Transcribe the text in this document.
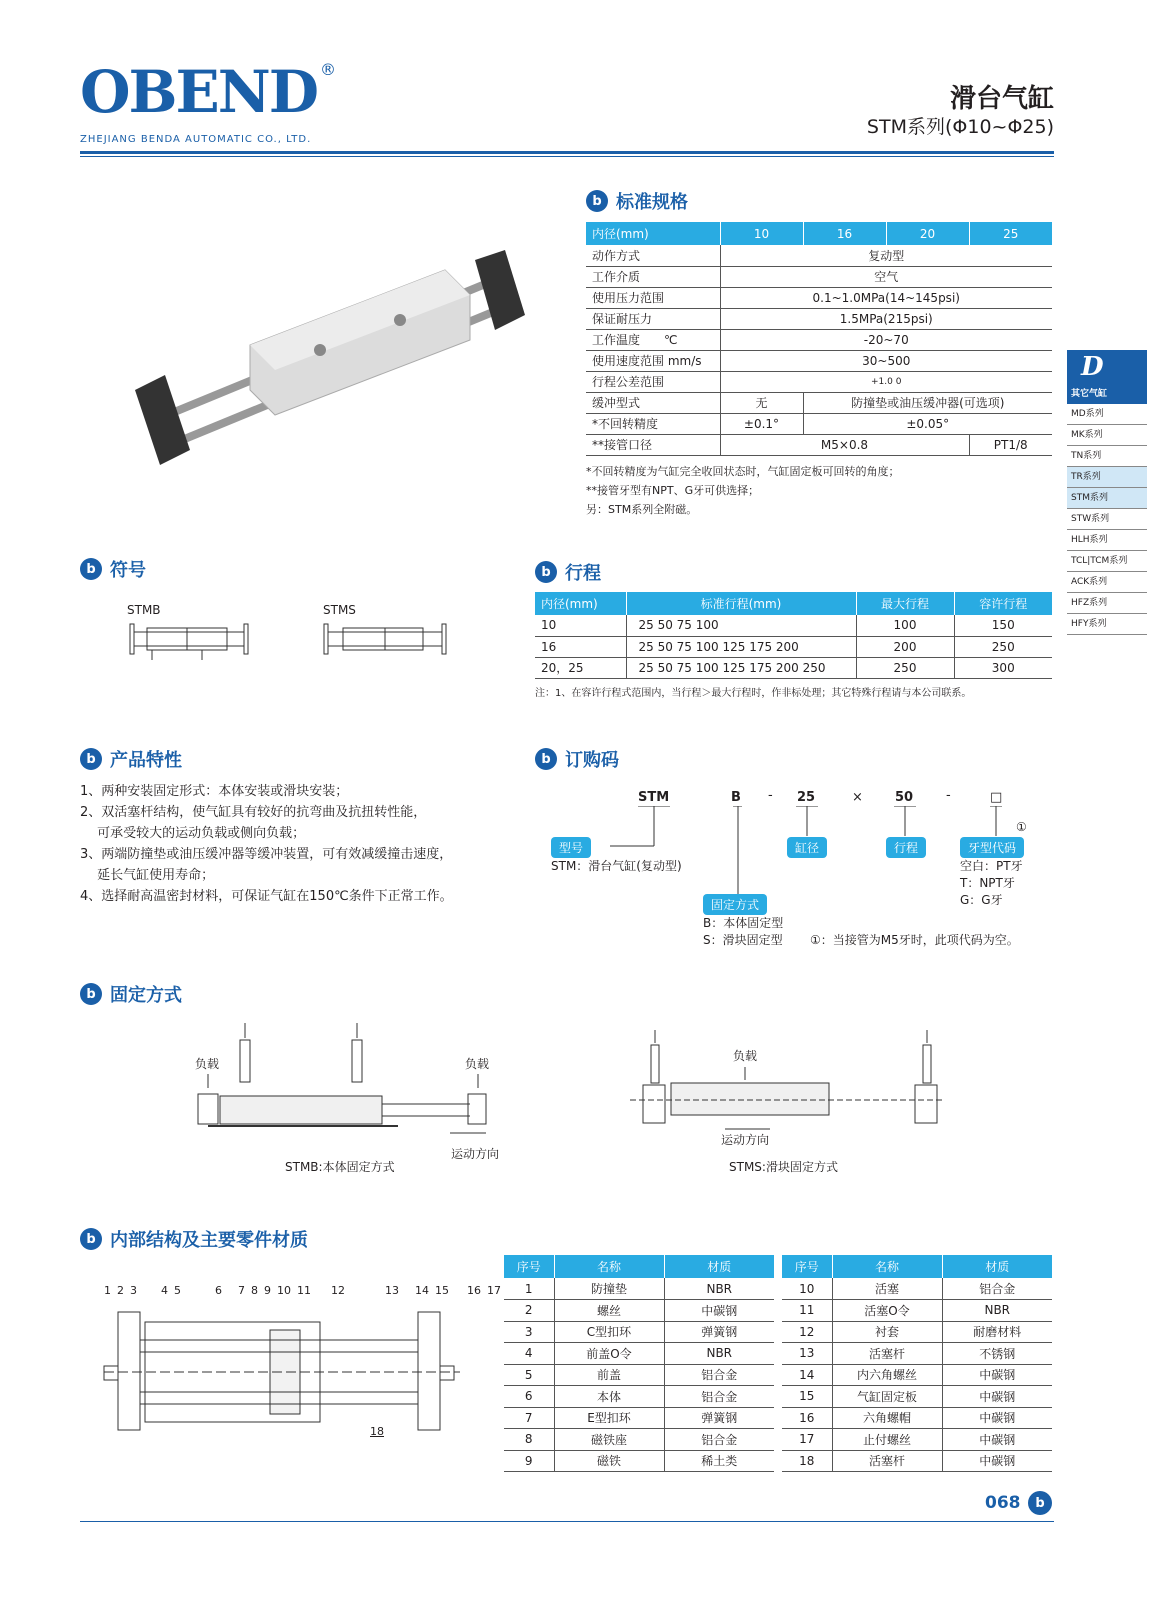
OBEND ®
ZHEJIANG BENDA AUTOMATIC CO., LTD.
滑台气缸
STM系列(Φ10~Φ25)
b 标准规格
内径(mm)	10	16	20	25
动作方式	复动型			
工作介质	空气			
使用压力范围	0.1~1.0MPa(14~145psi)			
保证耐压力	1.5MPa(215psi)			
工作温度　　℃	-20~70			
使用速度范围 mm/s	30~500			
行程公差范围	+1.0 0			
缓冲型式	无	防撞垫或油压缓冲器(可选项)		
*不回转精度	±0.1°	±0.05°		
**接管口径	M5×0.8			PT1/8
*不回转精度为气缸完全收回状态时，气缸固定板可回转的角度；
**接管牙型有NPT、G牙可供选择；
另：STM系列全附磁。
D
其它气缸
MD系列
MK系列
TN系列
TR系列
STM系列
STW系列
HLH系列
TCL|TCM系列
ACK系列
HFZ系列
HFY系列
b 符号
STMB	STMS
b 行程
内径(mm)	标准行程(mm)	最大行程	容许行程
10	25 50 75 100	100	150
16	25 50 75 100 125 175 200	200	250
20，25	25 50 75 100 125 175 200 250	250	300
注：1、在容许行程式范围内，当行程＞最大行程时，作非标处理；其它特殊行程请与本公司联系。
b 产品特性
1、两种安装固定形式：本体安装或滑块安装；
2、双活塞杆结构，使气缸具有较好的抗弯曲及抗扭转性能，
　 可承受较大的运动负载或侧向负载；
3、两端防撞垫或油压缓冲器等缓冲装置，可有效减缓撞击速度，
　 延长气缸使用寿命；
4、选择耐高温密封材料，可保证气缸在150℃条件下正常工作。
b 订购码
STM	B - 25	× 50	-	□
型号
STM：滑台气缸(复动型)
缸径	行程	牙型代码
①
空白：PT牙
T：NPT牙
G：G牙
固定方式
B：本体固定型
S：滑块固定型 ①：当接管为M5牙时，此项代码为空。
b 固定方式
负载	负载
运动方向
STMB:本体固定方式
负载
运动方向
STMS:滑块固定方式
b 内部结构及主要零件材质
1 2 3 4 5	6 7 8 9 10 11 12	13 14 15 16 17
18
序号	名称	材质
1	防撞垫	NBR
2	螺丝	中碳钢
3	C型扣环	弹簧钢
4	前盖O令	NBR
5	前盖	铝合金
6	本体	铝合金
7	E型扣环	弹簧钢
8	磁铁座	铝合金
9	磁铁	稀土类
序号	名称	材质
10	活塞	铝合金
11	活塞O令	NBR
12	衬套	耐磨材料
13	活塞杆	不锈钢
14	内六角螺丝	中碳钢
15	气缸固定板	中碳钢
16	六角螺帽	中碳钢
17	止付螺丝	中碳钢
18	活塞杆	中碳钢
068	b
